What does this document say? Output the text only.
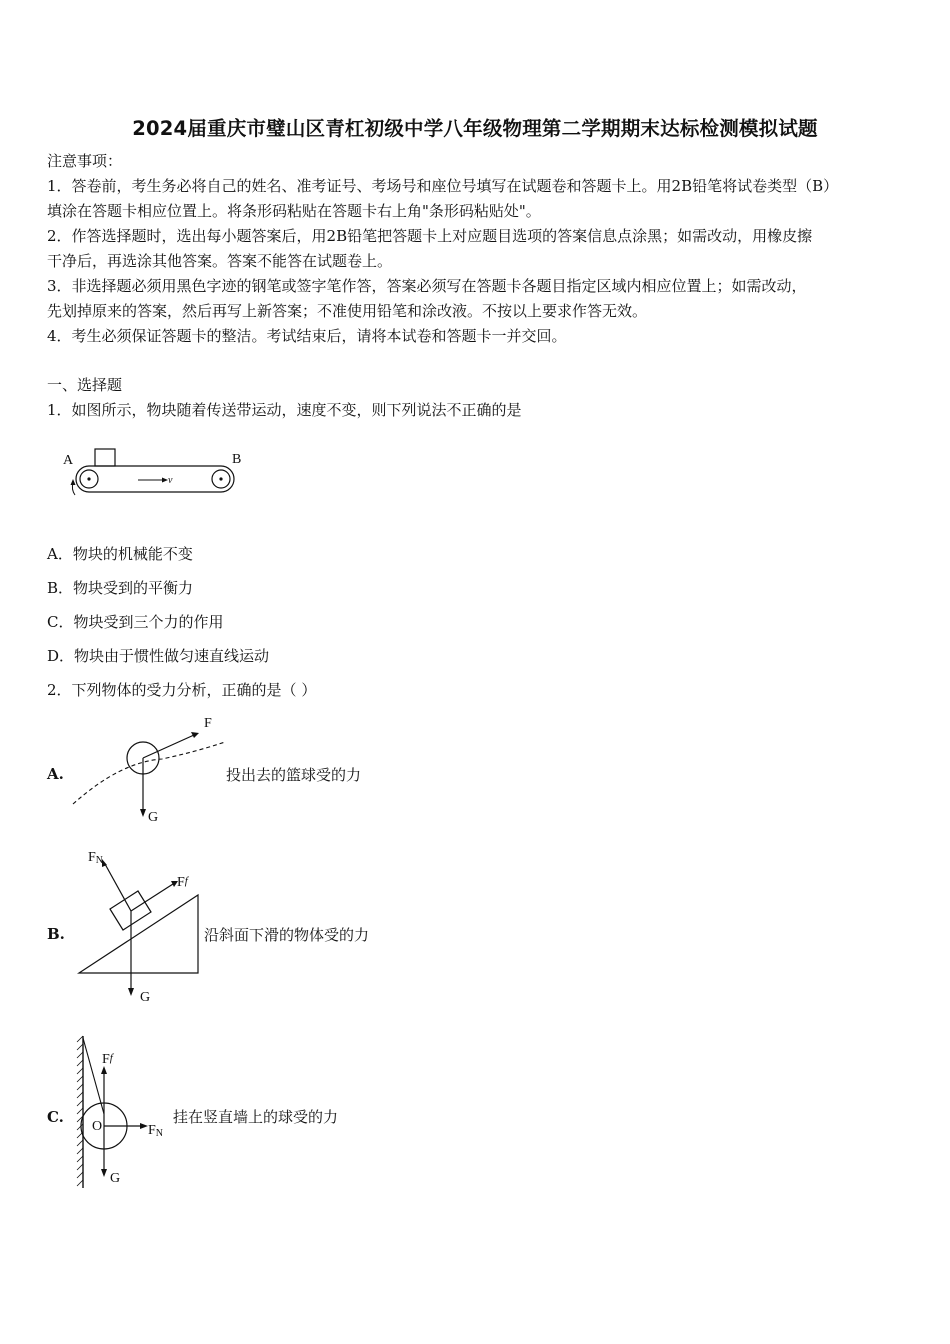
2024届重庆市璧山区青杠初级中学八年级物理第二学期期末达标检测模拟试题
注意事项：
1．答卷前，考生务必将自己的姓名、准考证号、考场号和座位号填写在试题卷和答题卡上。用2B铅笔将试卷类型（B）
填涂在答题卡相应位置上。将条形码粘贴在答题卡右上角"条形码粘贴处"。
2．作答选择题时，选出每小题答案后，用2B铅笔把答题卡上对应题目选项的答案信息点涂黑；如需改动，用橡皮擦
干净后，再选涂其他答案。答案不能答在试题卷上。
3．非选择题必须用黑色字迹的钢笔或签字笔作答，答案必须写在答题卡各题目指定区域内相应位置上；如需改动，
先划掉原来的答案，然后再写上新答案；不准使用铅笔和涂改液。不按以上要求作答无效。
4．考生必须保证答题卡的整洁。考试结束后，请将本试卷和答题卡一并交回。
一、选择题
1．如图所示，物块随着传送带运动，速度不变，则下列说法不正确的是
v
A	B
A．物块的机械能不变
B．物块受到的平衡力
C．物块受到三个力的作用
D．物块由于惯性做匀速直线运动
2．下列物体的受力分析，正确的是（ ）
A.
F
G
投出去的篮球受的力
B.
FN
Ff
G
沿斜面下滑的物体受的力
C.
Ff
FN
O
G
挂在竖直墙上的球受的力
